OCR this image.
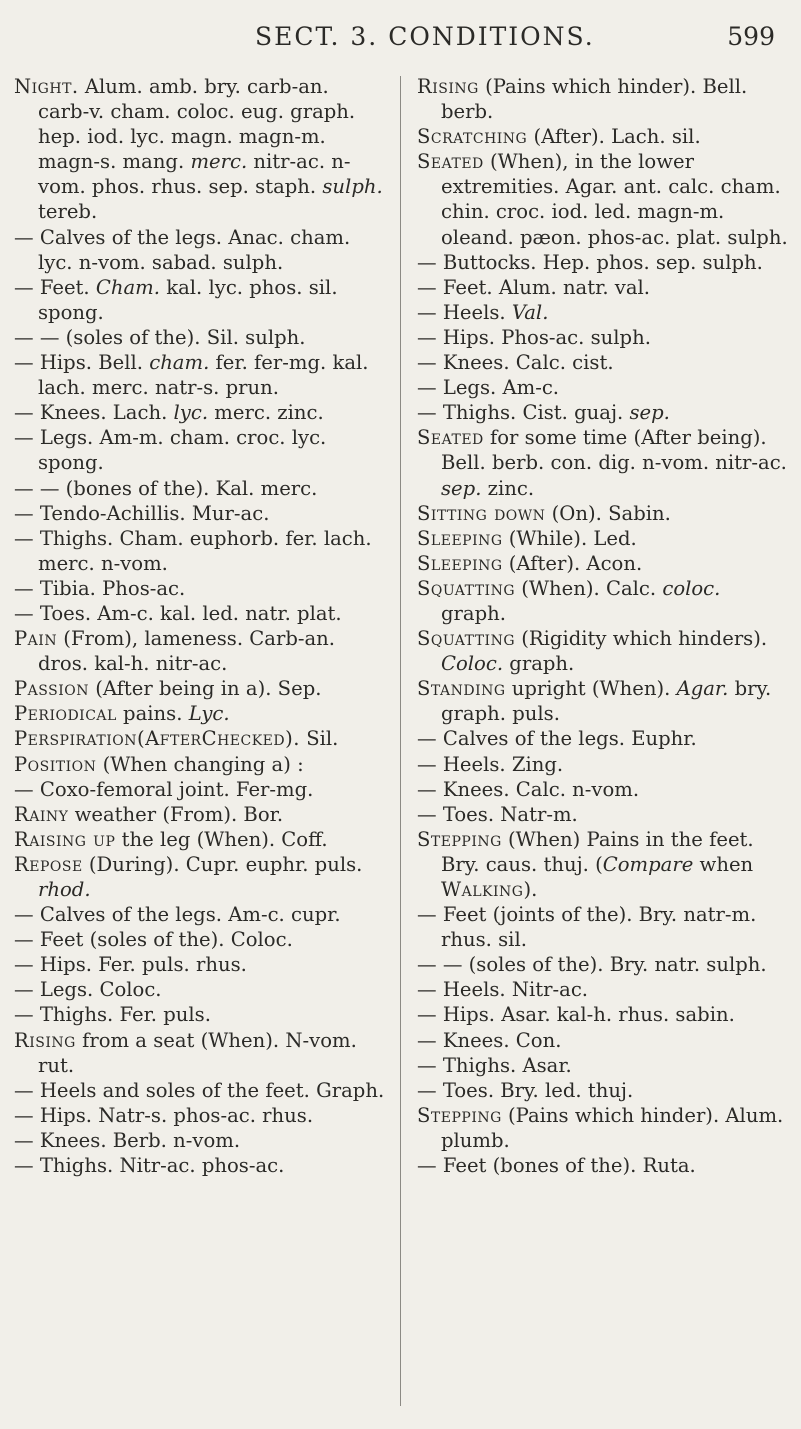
SECT. 3. CONDITIONS.	599

Night. Alum. amb. bry. carb-an. carb-v. cham. coloc. eug. graph. hep. iod. lyc. magn. magn-m. magn-s. mang. merc. nitr-ac. n-vom. phos. rhus. sep. staph. sulph. tereb.

— Calves of the legs. Anac. cham. lyc. n-vom. sabad. sulph.

— Feet. Cham. kal. lyc. phos. sil. spong.

— — (soles of the). Sil. sulph.

— Hips. Bell. cham. fer. fer-mg. kal. lach. merc. natr-s. prun.

— Knees. Lach. lyc. merc. zinc.

— Legs. Am-m. cham. croc. lyc. spong.

— — (bones of the). Kal. merc.

— Tendo-Achillis. Mur-ac.

— Thighs. Cham. euphorb. fer. lach. merc. n-vom.

— Tibia. Phos-ac.

— Toes. Am-c. kal. led. natr. plat.

Pain (From), lameness. Carb-an. dros. kal-h. nitr-ac.

Passion (After being in a). Sep.

Periodical pains. Lyc.

Perspiration(AfterChecked). Sil.

Position (When changing a) :

— Coxo-femoral joint. Fer-mg.

Rainy weather (From). Bor.

Raising up the leg (When). Coff.

Repose (During). Cupr. euphr. puls. rhod.

— Calves of the legs. Am-c. cupr.

— Feet (soles of the). Coloc.

— Hips. Fer. puls. rhus.

— Legs. Coloc.

— Thighs. Fer. puls.

Rising from a seat (When). N-vom. rut.

— Heels and soles of the feet. Graph.

— Hips. Natr-s. phos-ac. rhus.

— Knees. Berb. n-vom.

— Thighs. Nitr-ac. phos-ac.

Rising (Pains which hinder). Bell. berb.

Scratching (After). Lach. sil.

Seated (When), in the lower extremities. Agar. ant. calc. cham. chin. croc. iod. led. magn-m. oleand. pæon. phos-ac. plat. sulph.

— Buttocks. Hep. phos. sep. sulph.

— Feet. Alum. natr. val.

— Heels. Val.

— Hips. Phos-ac. sulph.

— Knees. Calc. cist.

— Legs. Am-c.

— Thighs. Cist. guaj. sep.

Seated for some time (After being). Bell. berb. con. dig. n-vom. nitr-ac. sep. zinc.

Sitting down (On). Sabin.

Sleeping (While). Led.

Sleeping (After). Acon.

Squatting (When). Calc. coloc. graph.

Squatting (Rigidity which hinders). Coloc. graph.

Standing upright (When). Agar. bry. graph. puls.

— Calves of the legs. Euphr.

— Heels. Zing.

— Knees. Calc. n-vom.

— Toes. Natr-m.

Stepping (When) Pains in the feet. Bry. caus. thuj. (Compare when Walking).

— Feet (joints of the). Bry. natr-m. rhus. sil.

— — (soles of the). Bry. natr. sulph.

— Heels. Nitr-ac.

— Hips. Asar. kal-h. rhus. sabin.

— Knees. Con.

— Thighs. Asar.

— Toes. Bry. led. thuj.

Stepping (Pains which hinder). Alum. plumb.

— Feet (bones of the). Ruta.
